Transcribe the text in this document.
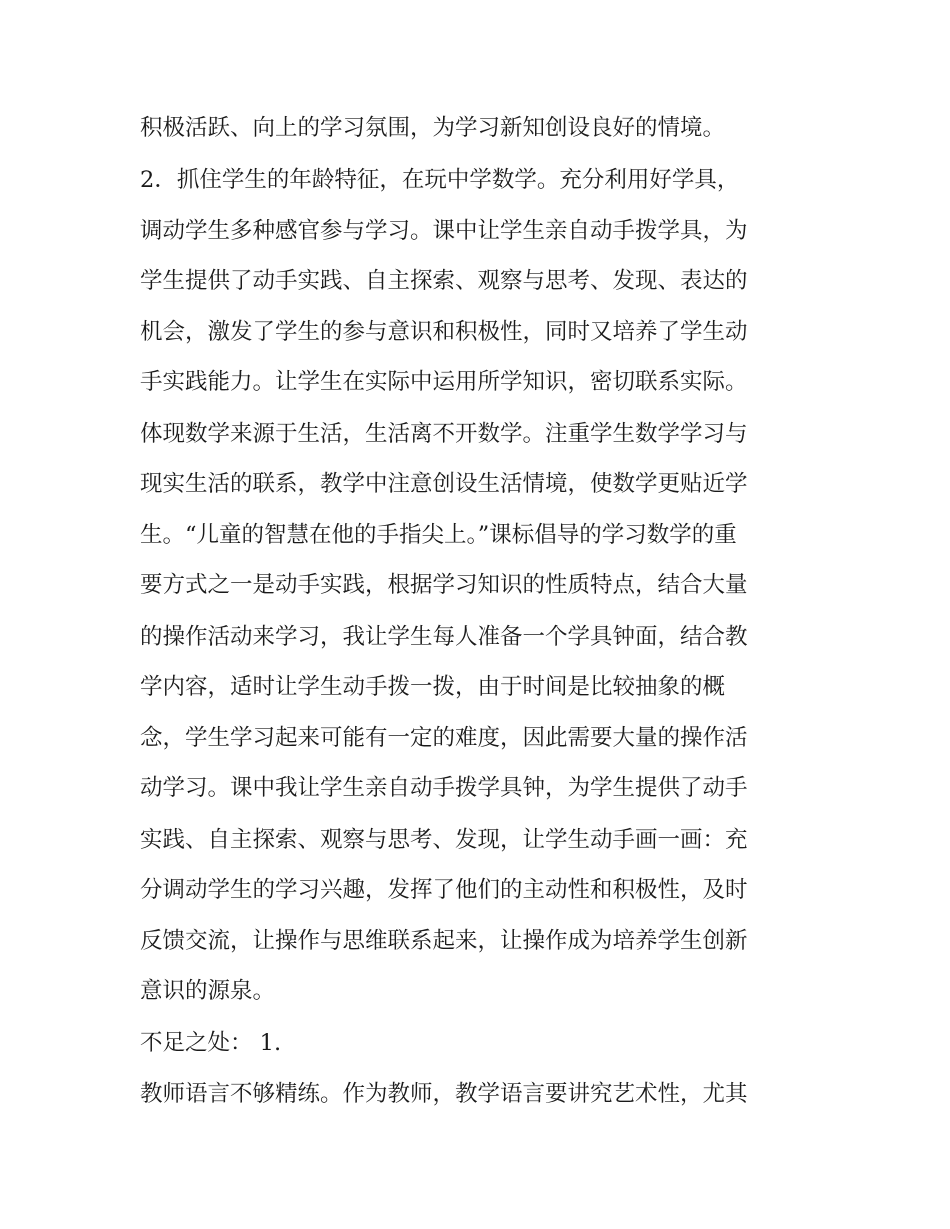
积极活跃、向上的学习氛围，为学习新知创设良好的情境。
2．抓住学生的年龄特征，在玩中学数学。充分利用好学具，
调动学生多种感官参与学习。课中让学生亲自动手拨学具，为
学生提供了动手实践、自主探索、观察与思考、发现、表达的
机会，激发了学生的参与意识和积极性，同时又培养了学生动
手实践能力。让学生在实际中运用所学知识，密切联系实际。
体现数学来源于生活，生活离不开数学。注重学生数学学习与
现实生活的联系，教学中注意创设生活情境，使数学更贴近学
生。“儿童的智慧在他的手指尖上。”课标倡导的学习数学的重
要方式之一是动手实践，根据学习知识的性质特点，结合大量
的操作活动来学习，我让学生每人准备一个学具钟面，结合教
学内容，适时让学生动手拨一拨，由于时间是比较抽象的概
念，学生学习起来可能有一定的难度，因此需要大量的操作活
动学习。课中我让学生亲自动手拨学具钟，为学生提供了动手
实践、自主探索、观察与思考、发现，让学生动手画一画：充
分调动学生的学习兴趣，发挥了他们的主动性和积极性，及时
反馈交流，让操作与思维联系起来，让操作成为培养学生创新
意识的源泉。
不足之处： 1.
教师语言不够精练。作为教师，教学语言要讲究艺术性，尤其
